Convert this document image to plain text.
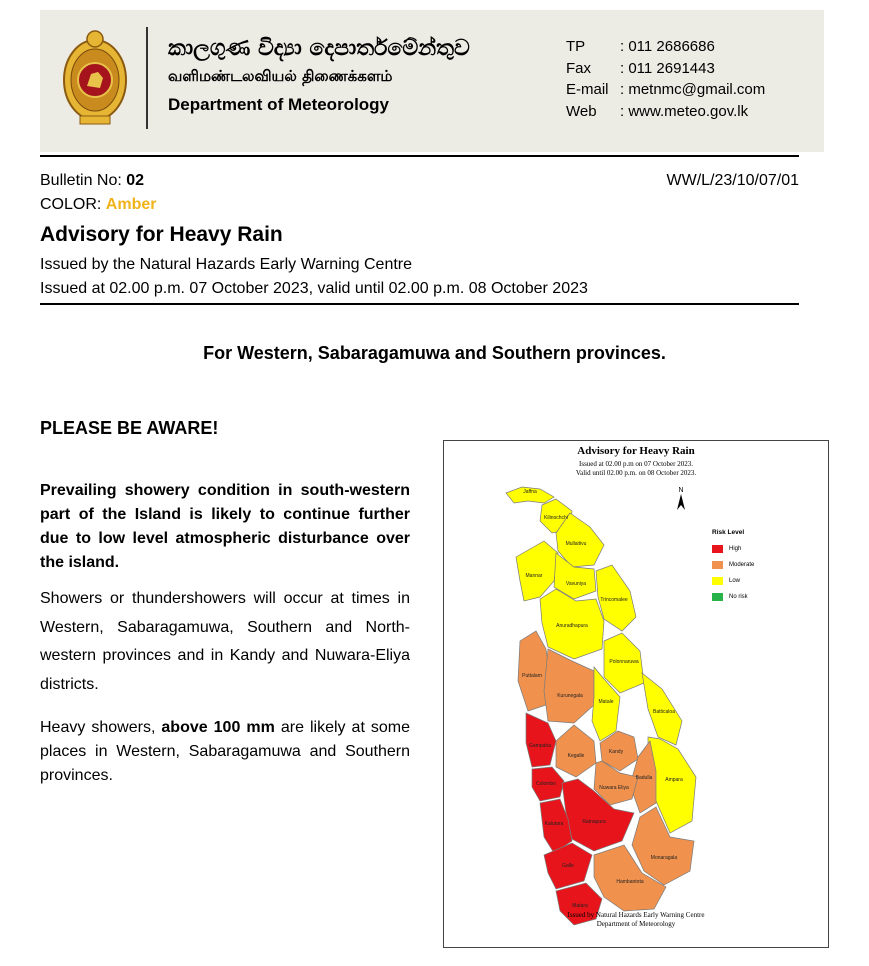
කාලගුණ විද්‍යා දෙපාර්තමේන්තුව
வளிமண்டலவியல் திணைக்களம்
Department of Meteorology
TP	: 011 2686686
Fax	: 011 2691443
E-mail : metnmc@gmail.com
Web	: www.meteo.gov.lk
Bulletin No: 02	WW/L/23/10/07/01
COLOR: Amber
Advisory for Heavy Rain
Issued by the Natural Hazards Early Warning Centre
Issued at 02.00 p.m. 07 October 2023, valid until 02.00 p.m. 08 October 2023
For Western, Sabaragamuwa and Southern provinces.
PLEASE BE AWARE!
Prevailing showery condition in south-western part of the Island is likely to continue further due to low level atmospheric disturbance over the island.
Showers or thundershowers will occur at times in Western, Sabaragamuwa, Southern and North-western provinces and in Kandy and Nuwara-Eliya districts.
Heavy showers, above 100 mm are likely at some places in Western, Sabaragamuwa and Southern provinces.
Advisory for Heavy Rain
Issued at 02.00 p.m on 07 October 2023.
Valid until 02.00 p.m. on 08 October 2023.
N
Jaffna
Kilinochchi
Mullaitivu
Mannar
Vavuniya
Trincomalee
Anuradhapura
Puttalam
Polonnaruwa
Kurunegala
Matale
Batticaloa
Kandy
Ampara
Gampaha
Kegalle
Badulla
Colombo
Nuwara Eliya
Ratnapura
Kalutara
Monaragala
Galle
Hambantota
Matara
Risk Level
High
Moderate
Low
No risk
Issued by Natural Hazards Early Warning Centre
Department of Meteorology
